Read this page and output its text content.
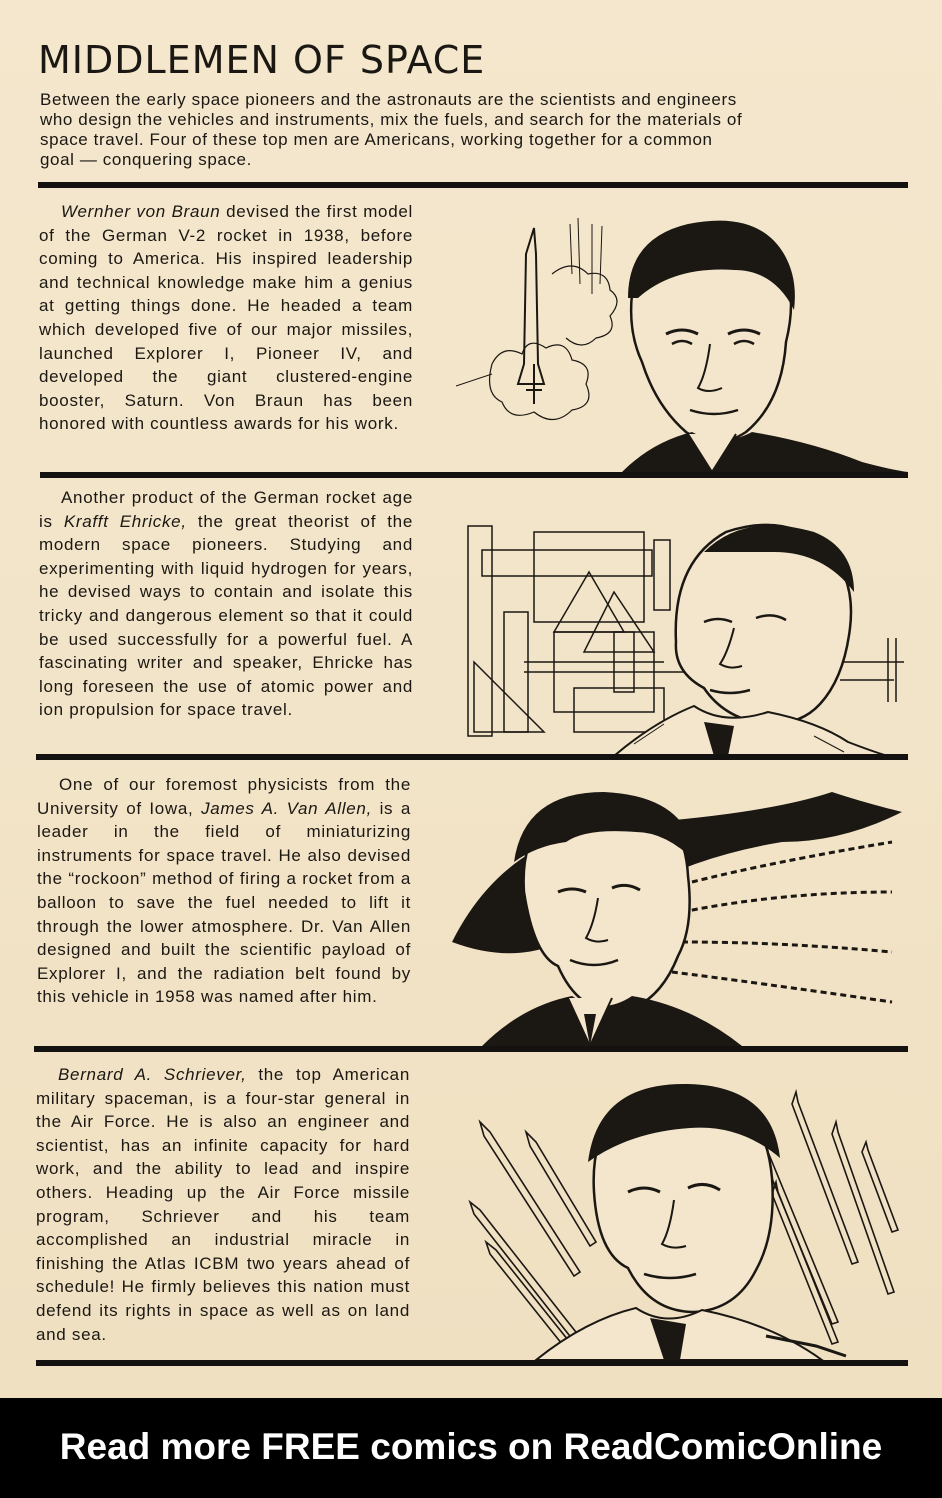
MIDDLEMEN OF SPACE

Between the early space pioneers and the astronauts are the scientists and engineers who design the vehicles and instruments, mix the fuels, and search for the materials of space travel. Four of these top men are Americans, working together for a common goal — conquering space.

Wernher von Braun devised the first model of the German V-2 rocket in 1938, before coming to America. His inspired leadership and technical knowledge make him a genius at getting things done. He headed a team which developed five of our major missiles, launched Explorer I, Pioneer IV, and developed the giant clustered-engine booster, Saturn. Von Braun has been honored with countless awards for his work.

Another product of the German rocket age is Krafft Ehricke, the great theorist of the modern space pioneers. Studying and experimenting with liquid hydrogen for years, he devised ways to contain and isolate this tricky and dangerous element so that it could be used successfully for a powerful fuel. A fascinating writer and speaker, Ehricke has long foreseen the use of atomic power and ion propulsion for space travel.

One of our foremost physicists from the University of Iowa, James A. Van Allen, is a leader in the field of miniaturizing instruments for space travel. He also devised the “rockoon” method of firing a rocket from a balloon to save the fuel needed to lift it through the lower atmosphere. Dr. Van Allen designed and built the scientific payload of Explorer I, and the radiation belt found by this vehicle in 1958 was named after him.

Bernard A. Schriever, the top American military spaceman, is a four-star general in the Air Force. He is also an engineer and scientist, has an infinite capacity for hard work, and the ability to lead and inspire others. Heading up the Air Force missile program, Schriever and his team accomplished an industrial miracle in finishing the Atlas ICBM two years ahead of schedule! He firmly believes this nation must defend its rights in space as well as on land and sea.

Read more FREE comics on ReadComicOnline
